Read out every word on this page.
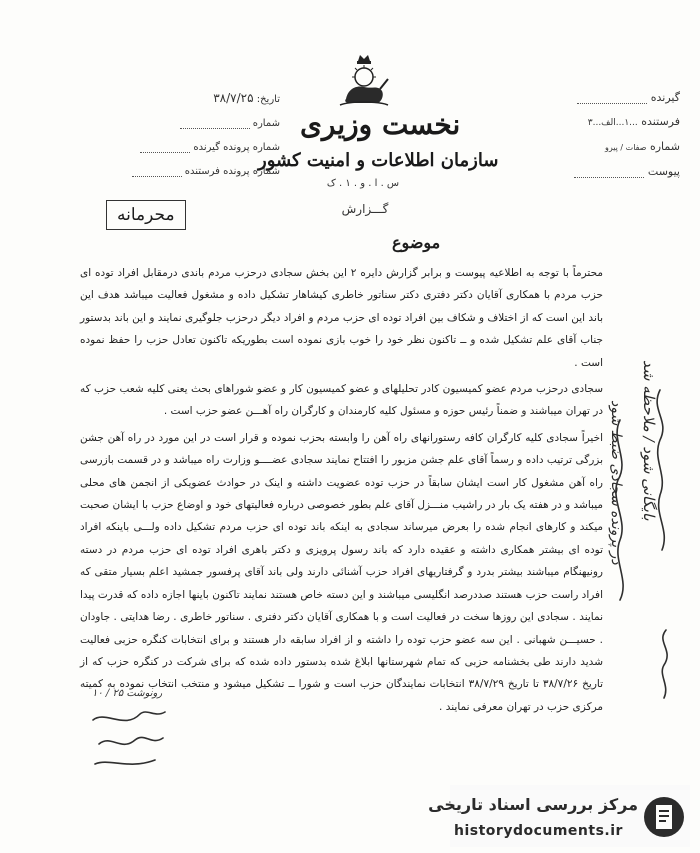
گیرنده
فرستنده ...۱...الف...۳
شماره صفات / پیرو
پیوست
تاریخ: ۳۸/۷/۲۵
شماره
شماره پرونده گیرنده
شماره پرونده فرستنده
نخست وزیری
سازمان اطلاعات و امنیت کشور
س . ا . و . ۱ . ک
گـــزارش
محرمانه
موضوع

محترماً با توجه به اطلاعیه پیوست و برابر گزارش دایره ۲ این بخش سجادی درحزب مردم باندی درمقابل افراد توده ای حزب مردم با همکاری آقایان دکتر دفتری دکتر سناتور خاطری کیشاهار تشکیل داده و مشغول فعالیت میباشد هدف این باند این است که از اختلاف و شکاف بین افراد توده ای حزب مردم و افراد دیگر درحزب جلوگیری نمایند و این باند بدستور جناب آقای علم تشکیل شده و ــ تاکنون نظر خود را خوب بازی نموده است بطوریکه تاکنون تعادل حزب را حفظ نموده است .

سجادی درحزب مردم عضو کمیسیون کادر تحلیلهای و عضو کمیسیون کار و عضو شوراهای بحث یعنی کلیه شعب حزب که در تهران میباشند و ضمناً رئیس حوزه و مسئول کلیه کارمندان و کارگران راه آهـــن عضو حزب است .

اخیراً سجادی کلیه کارگران کافه رستورانهای راه آهن را وابسته بحزب نموده و قرار است در این مورد در راه آهن جشن بزرگی ترتیب داده و رسماً آقای علم جشن مزبور را افتتاح نمایند سجادی عضــــو وزارت راه میباشد و در قسمت بازرسی راه آهن مشغول کار است ایشان سابقاً در حزب توده عضویت داشته و اینک در حوادث عضویکی از انجمن های محلی میباشد و در هفته یک بار در راشیب منـــزل آقای علم بطور خصوصی درباره فعالیتهای خود و اوضاع حزب با ایشان صحبت میکند و کارهای انجام شده را بعرض میرساند سجادی به اینکه باند توده ای حزب مردم تشکیل داده ولـــی باینکه افراد توده ای بیشتر همکاری داشته و عقیده دارد که باند رسول پرویزی و دکتر باهری افراد توده ای حزب مردم در دسته رونیهنگام میباشند بیشتر بدرد و گرفتاریهای افراد حزب آشنائی دارند ولی باند آقای پرفسور جمشید اعلم بسیار متقی که افراد راست حزب هستند صددرصد انگلیسی میباشند و این دسته خاص هستند نمایند تاکنون باینها اجازه داده که قدرت پیدا نمایند . سجادی این روزها سخت در فعالیت است و با همکاری آقایان دکتر دفتری . سناتور خاطری . رضا هدایتی . جاودان . حسیـــن شهبانی . این سه عضو حزب توده را داشته و از افراد سابقه دار هستند و برای انتخابات کنگره حزبی فعالیت شدید دارند طی بخشنامه حزبی که تمام شهرستانها ابلاغ شده بدستور داده شده که برای شرکت در کنگره حزب که از تاریخ ۳۸/۷/۲۶ تا تاریخ ۳۸/۷/۲۹ انتخابات نمایندگان حزب است و شورا ــ تشکیل میشود و منتخب انتخاب نموده به کمیته مرکزی حزب در تهران معرفی نمایند .

بایگانی شود / ملاحظه شد
در پرونده سجادی ضبط شود
رونوشت ۲۵ / ۱۰
مرکز بررسی اسناد تاریخی
historydocuments.ir
